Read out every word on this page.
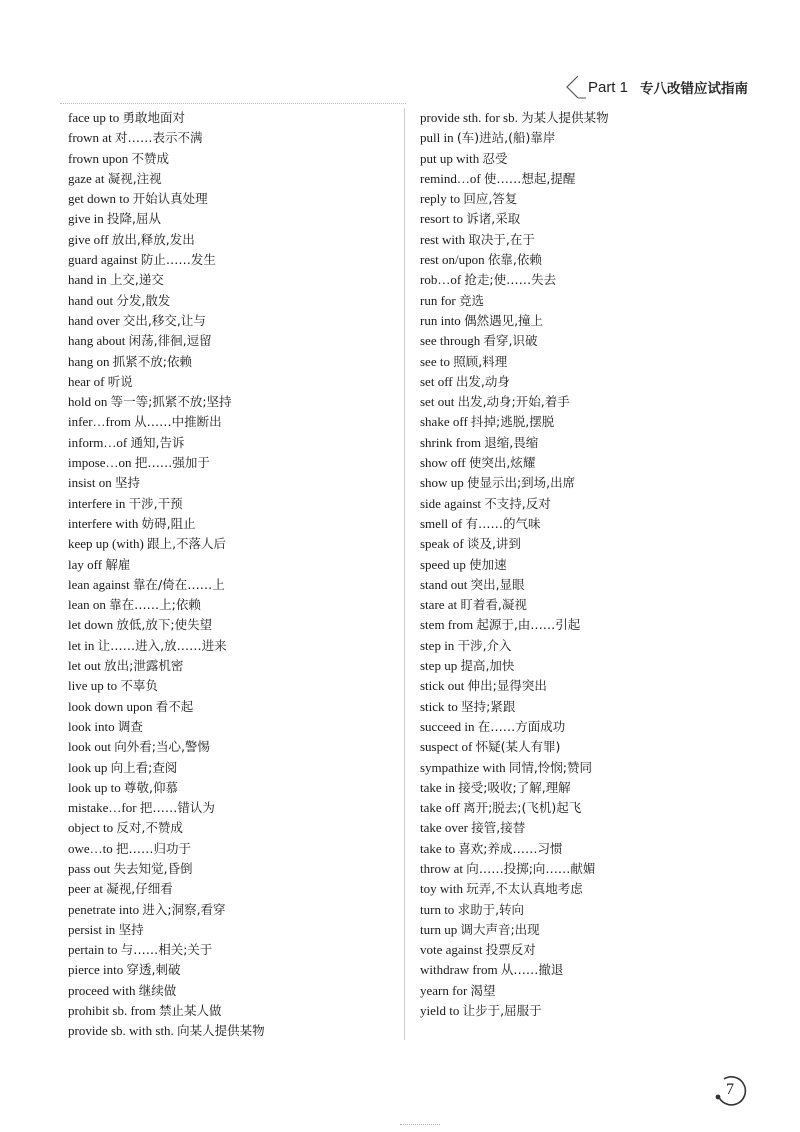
Part 1 专八改错应试指南
face up to 勇敢地面对
frown at 对……表示不满
frown upon 不赞成
gaze at 凝视,注视
get down to 开始认真处理
give in 投降,屈从
give off 放出,释放,发出
guard against 防止……发生
hand in 上交,递交
hand out 分发,散发
hand over 交出,移交,让与
hang about 闲荡,徘徊,逗留
hang on 抓紧不放;依赖
hear of 听说
hold on 等一等;抓紧不放;坚持
infer…from 从……中推断出
inform…of 通知,告诉
impose…on 把……强加于
insist on 坚持
interfere in 干涉,干预
interfere with 妨碍,阻止
keep up (with) 跟上,不落人后
lay off 解雇
lean against 靠在/倚在……上
lean on 靠在……上;依赖
let down 放低,放下;使失望
let in 让……进入,放……进来
let out 放出;泄露机密
live up to 不辜负
look down upon 看不起
look into 调查
look out 向外看;当心,警惕
look up 向上看;查阅
look up to 尊敬,仰慕
mistake…for 把……错认为
object to 反对,不赞成
owe…to 把……归功于
pass out 失去知觉,昏倒
peer at 凝视,仔细看
penetrate into 进入;洞察,看穿
persist in 坚持
pertain to 与……相关;关于
pierce into 穿透,刺破
proceed with 继续做
prohibit sb. from 禁止某人做
provide sb. with sth. 向某人提供某物
provide sth. for sb. 为某人提供某物
pull in (车)进站,(船)靠岸
put up with 忍受
remind…of 使……想起,提醒
reply to 回应,答复
resort to 诉诸,采取
rest with 取决于,在于
rest on/upon 依靠,依赖
rob…of 抢走;使……失去
run for 竞选
run into 偶然遇见,撞上
see through 看穿,识破
see to 照顾,料理
set off 出发,动身
set out 出发,动身;开始,着手
shake off 抖掉;逃脱,摆脱
shrink from 退缩,畏缩
show off 使突出,炫耀
show up 使显示出;到场,出席
side against 不支持,反对
smell of 有……的气味
speak of 谈及,讲到
speed up 使加速
stand out 突出,显眼
stare at 盯着看,凝视
stem from 起源于,由……引起
step in 干涉,介入
step up 提高,加快
stick out 伸出;显得突出
stick to 坚持;紧跟
succeed in 在……方面成功
suspect of 怀疑(某人有罪)
sympathize with 同情,怜悯;赞同
take in 接受;吸收;了解,理解
take off 离开;脱去;(飞机)起飞
take over 接管,接替
take to 喜欢;养成……习惯
throw at 向……投掷;向……献媚
toy with 玩弄,不太认真地考虑
turn to 求助于,转向
turn up 调大声音;出现
vote against 投票反对
withdraw from 从……撤退
yearn for 渴望
yield to 让步于,屈服于
7
